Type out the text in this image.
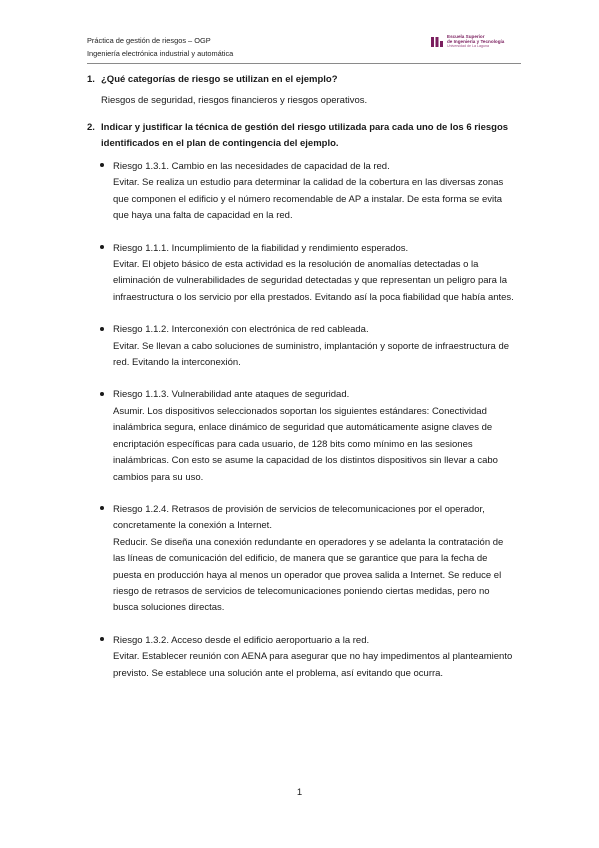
Práctica de gestión de riesgos – OGP
Ingeniería electrónica industrial y automática
Escuela Superior
de Ingeniería y Tecnología
Universidad de La Laguna
1. ¿Qué categorías de riesgo se utilizan en el ejemplo?
Riesgos de seguridad, riesgos financieros y riesgos operativos.
2. Indicar y justificar la técnica de gestión del riesgo utilizada para cada uno de los 6 riesgos identificados en el plan de contingencia del ejemplo.
Riesgo 1.3.1. Cambio en las necesidades de capacidad de la red.
Evitar. Se realiza un estudio para determinar la calidad de la cobertura en las diversas zonas que componen el edificio y el número recomendable de AP a instalar. De esta forma se evita que haya una falta de capacidad en la red.
Riesgo 1.1.1. Incumplimiento de la fiabilidad y rendimiento esperados.
Evitar. El objeto básico de esta actividad es la resolución de anomalías detectadas o la eliminación de vulnerabilidades de seguridad detectadas y que representan un peligro para la infraestructura o los servicio por ella prestados. Evitando así la poca fiabilidad que había antes.
Riesgo 1.1.2. Interconexión con electrónica de red cableada.
Evitar. Se llevan a cabo soluciones de suministro, implantación y soporte de infraestructura de red. Evitando la interconexión.
Riesgo 1.1.3. Vulnerabilidad ante ataques de seguridad.
Asumir. Los dispositivos seleccionados soportan los siguientes estándares: Conectividad inalámbrica segura, enlace dinámico de seguridad que automáticamente asigne claves de encriptación específicas para cada usuario, de 128 bits como mínimo en las sesiones inalámbricas. Con esto se asume la capacidad de los distintos dispositivos sin llevar a cabo cambios para su uso.
Riesgo 1.2.4. Retrasos de provisión de servicios de telecomunicaciones por el operador, concretamente la conexión a Internet.
Reducir. Se diseña una conexión redundante en operadores y se adelanta la contratación de las líneas de comunicación del edificio, de manera que se garantice que para la fecha de puesta en producción haya al menos un operador que provea salida a Internet. Se reduce el riesgo de retrasos de servicios de telecomunicaciones poniendo ciertas medidas, pero no busca soluciones directas.
Riesgo 1.3.2. Acceso desde el edificio aeroportuario a la red.
Evitar. Establecer reunión con AENA para asegurar que no hay impedimentos al planteamiento previsto. Se establece una solución ante el problema, así evitando que ocurra.
1
